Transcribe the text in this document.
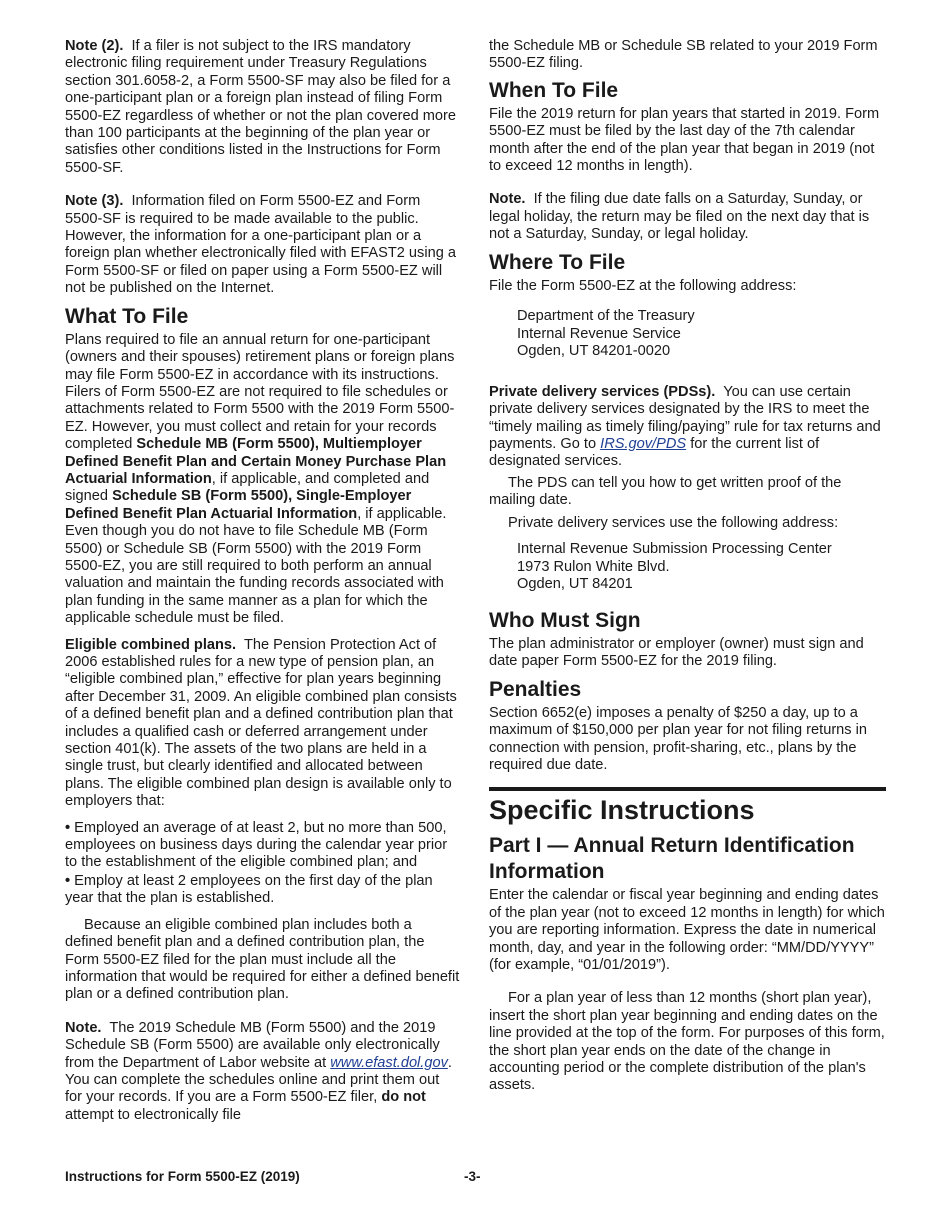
Note (2). If a filer is not subject to the IRS mandatory electronic filing requirement under Treasury Regulations section 301.6058-2, a Form 5500-SF may also be filed for a one-participant plan or a foreign plan instead of filing Form 5500-EZ regardless of whether or not the plan covered more than 100 participants at the beginning of the plan year or satisfies other conditions listed in the Instructions for Form 5500-SF.

Note (3). Information filed on Form 5500-EZ and Form 5500-SF is required to be made available to the public. However, the information for a one-participant plan or a foreign plan whether electronically filed with EFAST2 using a Form 5500-SF or filed on paper using a Form 5500-EZ will not be published on the Internet.

What To File

Plans required to file an annual return for one-participant (owners and their spouses) retirement plans or foreign plans may file Form 5500-EZ in accordance with its instructions. Filers of Form 5500-EZ are not required to file schedules or attachments related to Form 5500 with the 2019 Form 5500-EZ. However, you must collect and retain for your records completed Schedule MB (Form 5500), Multiemployer Defined Benefit Plan and Certain Money Purchase Plan Actuarial Information, if applicable, and completed and signed Schedule SB (Form 5500), Single-Employer Defined Benefit Plan Actuarial Information, if applicable. Even though you do not have to file Schedule MB (Form 5500) or Schedule SB (Form 5500) with the 2019 Form 5500-EZ, you are still required to both perform an annual valuation and maintain the funding records associated with plan funding in the same manner as a plan for which the applicable schedule must be filed.

Eligible combined plans. The Pension Protection Act of 2006 established rules for a new type of pension plan, an “eligible combined plan,” effective for plan years beginning after December 31, 2009. An eligible combined plan consists of a defined benefit plan and a defined contribution plan that includes a qualified cash or deferred arrangement under section 401(k). The assets of the two plans are held in a single trust, but clearly identified and allocated between plans. The eligible combined plan design is available only to employers that:

• Employed an average of at least 2, but no more than 500, employees on business days during the calendar year prior to the establishment of the eligible combined plan; and

• Employ at least 2 employees on the first day of the plan year that the plan is established.

Because an eligible combined plan includes both a defined benefit plan and a defined contribution plan, the Form 5500-EZ filed for the plan must include all the information that would be required for either a defined benefit plan or a defined contribution plan.

Note. The 2019 Schedule MB (Form 5500) and the 2019 Schedule SB (Form 5500) are available only electronically from the Department of Labor website at www.efast.dol.gov. You can complete the schedules online and print them out for your records. If you are a Form 5500-EZ filer, do not attempt to electronically file

the Schedule MB or Schedule SB related to your 2019 Form 5500-EZ filing.

When To File

File the 2019 return for plan years that started in 2019. Form 5500-EZ must be filed by the last day of the 7th calendar month after the end of the plan year that began in 2019 (not to exceed 12 months in length).

Note. If the filing due date falls on a Saturday, Sunday, or legal holiday, the return may be filed on the next day that is not a Saturday, Sunday, or legal holiday.

Where To File

File the Form 5500-EZ at the following address:

Department of the Treasury

Internal Revenue Service

Ogden, UT 84201-0020

Private delivery services (PDSs). You can use certain private delivery services designated by the IRS to meet the “timely mailing as timely filing/paying” rule for tax returns and payments. Go to IRS.gov/PDS for the current list of designated services.

The PDS can tell you how to get written proof of the mailing date.

Private delivery services use the following address:

Internal Revenue Submission Processing Center

1973 Rulon White Blvd.

Ogden, UT 84201

Who Must Sign

The plan administrator or employer (owner) must sign and date paper Form 5500-EZ for the 2019 filing.

Penalties

Section 6652(e) imposes a penalty of $250 a day, up to a maximum of $150,000 per plan year for not filing returns in connection with pension, profit-sharing, etc., plans by the required due date.

Specific Instructions
Part I — Annual Return Identification Information

Enter the calendar or fiscal year beginning and ending dates of the plan year (not to exceed 12 months in length) for which you are reporting information. Express the date in numerical month, day, and year in the following order: “MM/DD/YYYY” (for example, “01/01/2019”).

For a plan year of less than 12 months (short plan year), insert the short plan year beginning and ending dates on the line provided at the top of the form. For purposes of this form, the short plan year ends on the date of the change in accounting period or the complete distribution of the plan's assets.

Instructions for Form 5500-EZ (2019)	-3-
